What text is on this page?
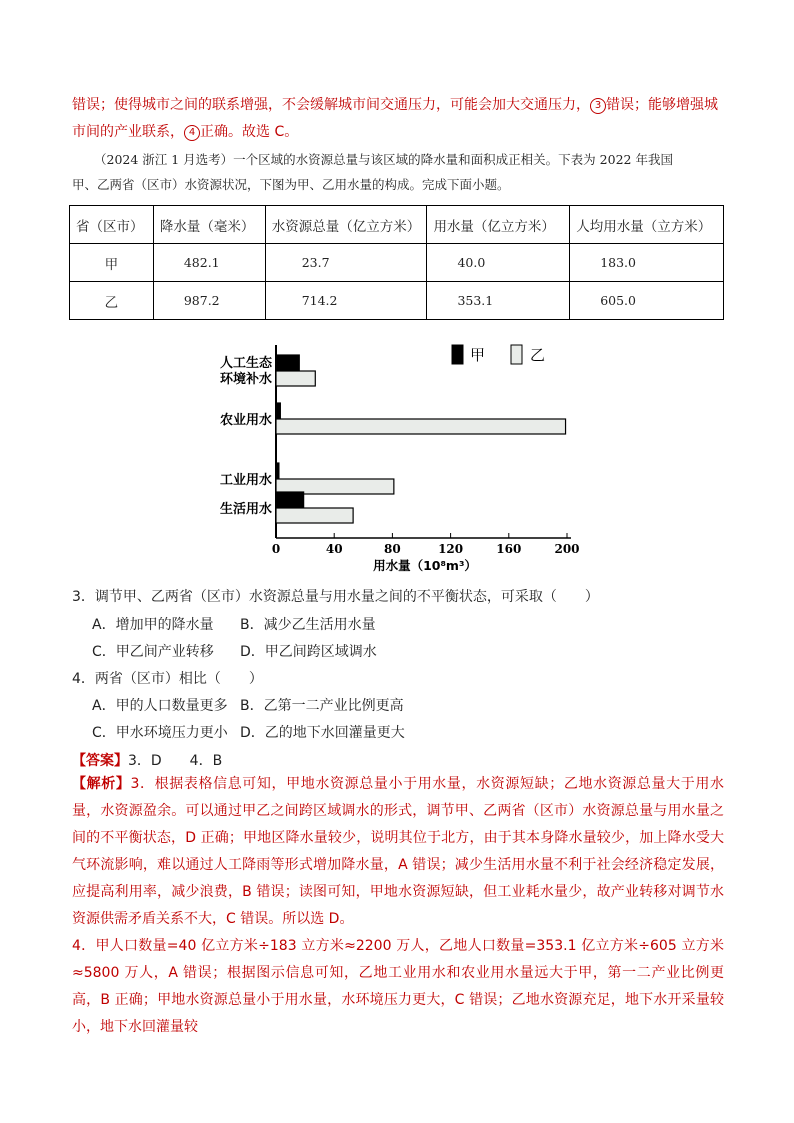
错误；使得城市之间的联系增强，不会缓解城市间交通压力，可能会加大交通压力， 3 错误；能够增强城
市间的产业联系， 4 正确。故选 C。
（2024 浙江 1 月选考）一个区域的水资源总量与该区域的降水量和面积成正相关。下表为 2022 年我国
甲、乙两省（区市）水资源状况，下图为甲、乙用水量的构成。完成下面小题。
省（区市）	降水量（毫米）	水资源总量（亿立方米）	用水量（亿立方米）	人均用水量（立方米）
甲	482.1	23.7	40.0	183.0
乙	987.2	714.2	353.1	605.0
0	40	80	120	160	200
人工生态
环境补水
农业用水
工业用水
生活用水
甲	乙
用水量（10⁸m³）
3．调节甲、乙两省（区市）水资源总量与用水量之间的不平衡状态，可采取（　　）
A．增加甲的降水量 B．减少乙生活用水量
C．甲乙间产业转移 D．甲乙间跨区域调水
4．两省（区市）相比（　　）
A．甲的人口数量更多 B．乙第一二产业比例更高
C．甲水环境压力更小 D．乙的地下水回灌量更大
【答案】3．D　　4．B
【解析】3．根据表格信息可知，甲地水资源总量小于用水量，水资源短缺；乙地水资源总量大于用水量，水资源盈余。可以通过甲乙之间跨区域调水的形式，调节甲、乙两省（区市）水资源总量与用水量之间的不平衡状态，D 正确；甲地区降水量较少，说明其位于北方，由于其本身降水量较少，加上降水受大气环流影响，难以通过人工降雨等形式增加降水量，A 错误；减少生活用水量不利于社会经济稳定发展，应提高利用率，减少浪费，B 错误；读图可知，甲地水资源短缺，但工业耗水量少，故产业转移对调节水资源供需矛盾关系不大，C 错误。所以选 D。
4．甲人口数量=40 亿立方米÷183 立方米≈2200 万人，乙地人口数量=353.1 亿立方米÷605 立方米≈5800 万人，A 错误；根据图示信息可知，乙地工业用水和农业用水量远大于甲，第一二产业比例更高，B 正确；甲地水资源总量小于用水量，水环境压力更大，C 错误；乙地水资源充足，地下水开采量较小，地下水回灌量较
